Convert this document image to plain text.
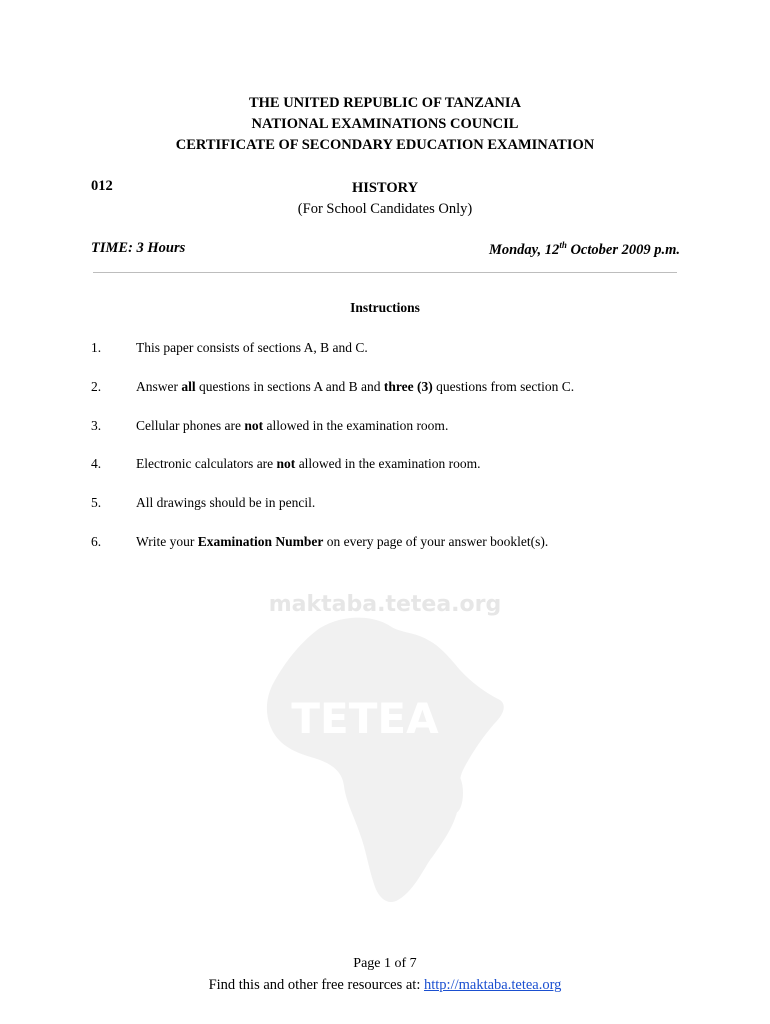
THE UNITED REPUBLIC OF TANZANIA
NATIONAL EXAMINATIONS COUNCIL
CERTIFICATE OF SECONDARY EDUCATION EXAMINATION
012	HISTORY
(For School Candidates Only)
TIME: 3 Hours	Monday, 12th October 2009 p.m.
Instructions
1.	This paper consists of sections A, B and C.
2.	Answer all questions in sections A and B and three (3) questions from section C.
3.	Cellular phones are not allowed in the examination room.
4.	Electronic calculators are not allowed in the examination room.
5.	All drawings should be in pencil.
6.	Write your Examination Number on every page of your answer booklet(s).
maktaba.tetea.org
TETEA
Page 1 of 7
Find this and other free resources at: http://maktaba.tetea.org
